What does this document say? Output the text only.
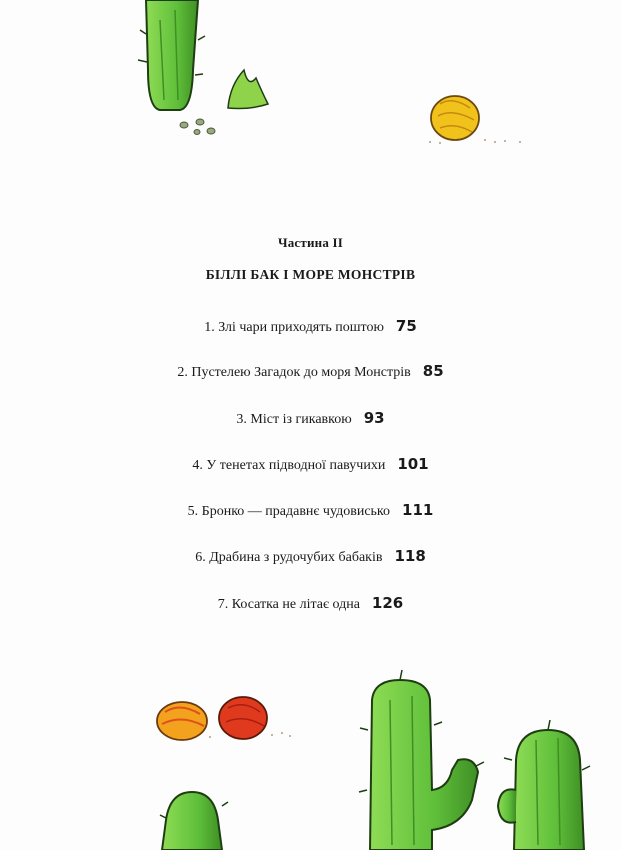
Частина II
БІЛЛІ БАК І МОРЕ МОНСТРІВ
1. Злі чари приходять поштою 75
2. Пустелею Загадок до моря Монстрів 85
3. Міст із гикавкою 93
4. У тенетах підводної павучихи 101
5. Бронко — прадавнє чудовисько 111
6. Драбина з рудочубих бабаків 118
7. Косатка не літає одна 126
